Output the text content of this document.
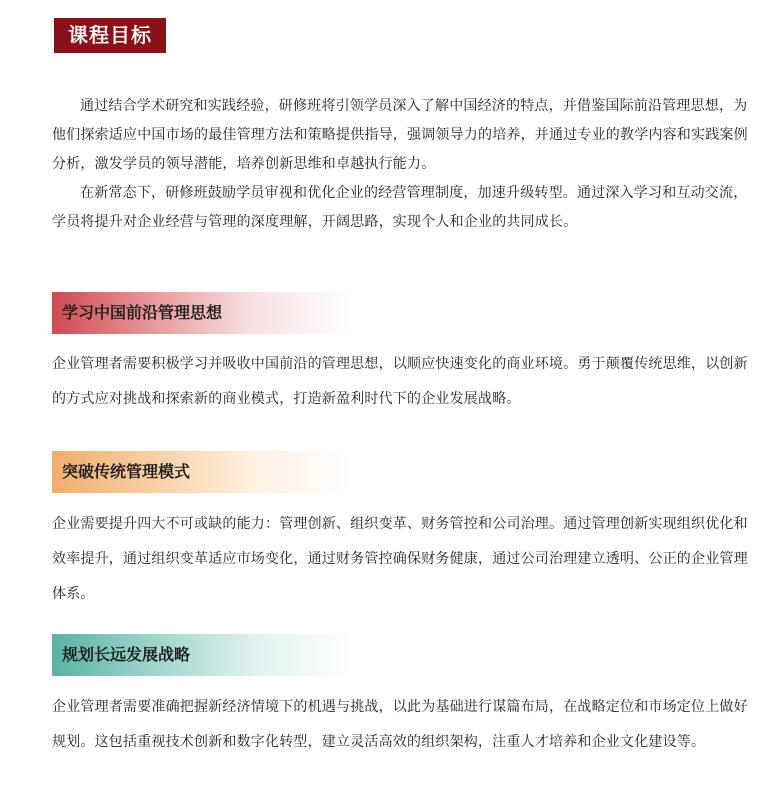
课程目标

通过结合学术研究和实践经验，研修班将引领学员深入了解中国经济的特点，并借鉴国际前沿管理思想，为他们探索适应中国市场的最佳管理方法和策略提供指导，强调领导力的培养，并通过专业的教学内容和实践案例分析，激发学员的领导潜能，培养创新思维和卓越执行能力。

在新常态下，研修班鼓励学员审视和优化企业的经营管理制度，加速升级转型。通过深入学习和互动交流，学员将提升对企业经营与管理的深度理解，开阔思路，实现个人和企业的共同成长。

学习中国前沿管理思想

企业管理者需要积极学习并吸收中国前沿的管理思想，以顺应快速变化的商业环境。勇于颠覆传统思维，以创新的方式应对挑战和探索新的商业模式，打造新盈利时代下的企业发展战略。

突破传统管理模式

企业需要提升四大不可或缺的能力：管理创新、组织变革、财务管控和公司治理。通过管理创新实现组织优化和效率提升，通过组织变革适应市场变化，通过财务管控确保财务健康，通过公司治理建立透明、公正的企业管理体系。

规划长远发展战略

企业管理者需要准确把握新经济情境下的机遇与挑战，以此为基础进行谋篇布局，在战略定位和市场定位上做好规划。这包括重视技术创新和数字化转型，建立灵活高效的组织架构，注重人才培养和企业文化建设等。
